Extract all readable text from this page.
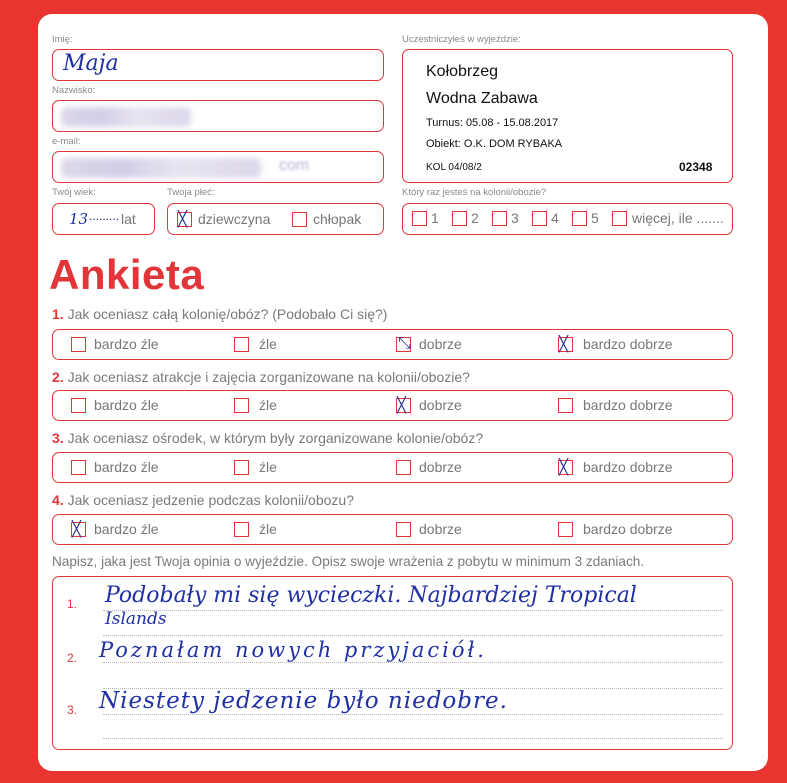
Imię:
Maja
Nazwisko:
e-mail:
com
Twój wiek:
13 ......... lat
Twoja płeć:
╳ dziewczyna	chłopak
Uczestniczyłeś w wyjeździe:
Kołobrzeg
Wodna Zabawa
Turnus: 05.08 - 15.08.2017
Obiekt: O.K. DOM RYBAKA
KOL 04/08/2	02348
Który raz jesteś na kolonii/obozie?
1 2 3 4 5 więcej, ile .......
Ankieta
1. Jak oceniasz całą kolonię/obóz? (Podobało Ci się?)
bardzo źle	źle	⤡ dobrze	╳ bardzo dobrze
2. Jak oceniasz atrakcje i zajęcia zorganizowane na kolonii/obozie?
bardzo źle	źle	╳ dobrze	bardzo dobrze
3. Jak oceniasz ośrodek, w którym były zorganizowane kolonie/obóz?
bardzo źle	źle	dobrze	╳ bardzo dobrze
4. Jak oceniasz jedzenie podczas kolonii/obozu?
╳ bardzo źle	źle	dobrze	bardzo dobrze
Napisz, jaka jest Twoja opinia o wyjeździe. Opisz swoje wrażenia z pobytu w minimum 3 zdaniach.
1. Podobały mi się wycieczki. Najbardziej Tropical
Islands
2. Poznałam nowych przyjaciół.
3. Niestety jedzenie było niedobre.
